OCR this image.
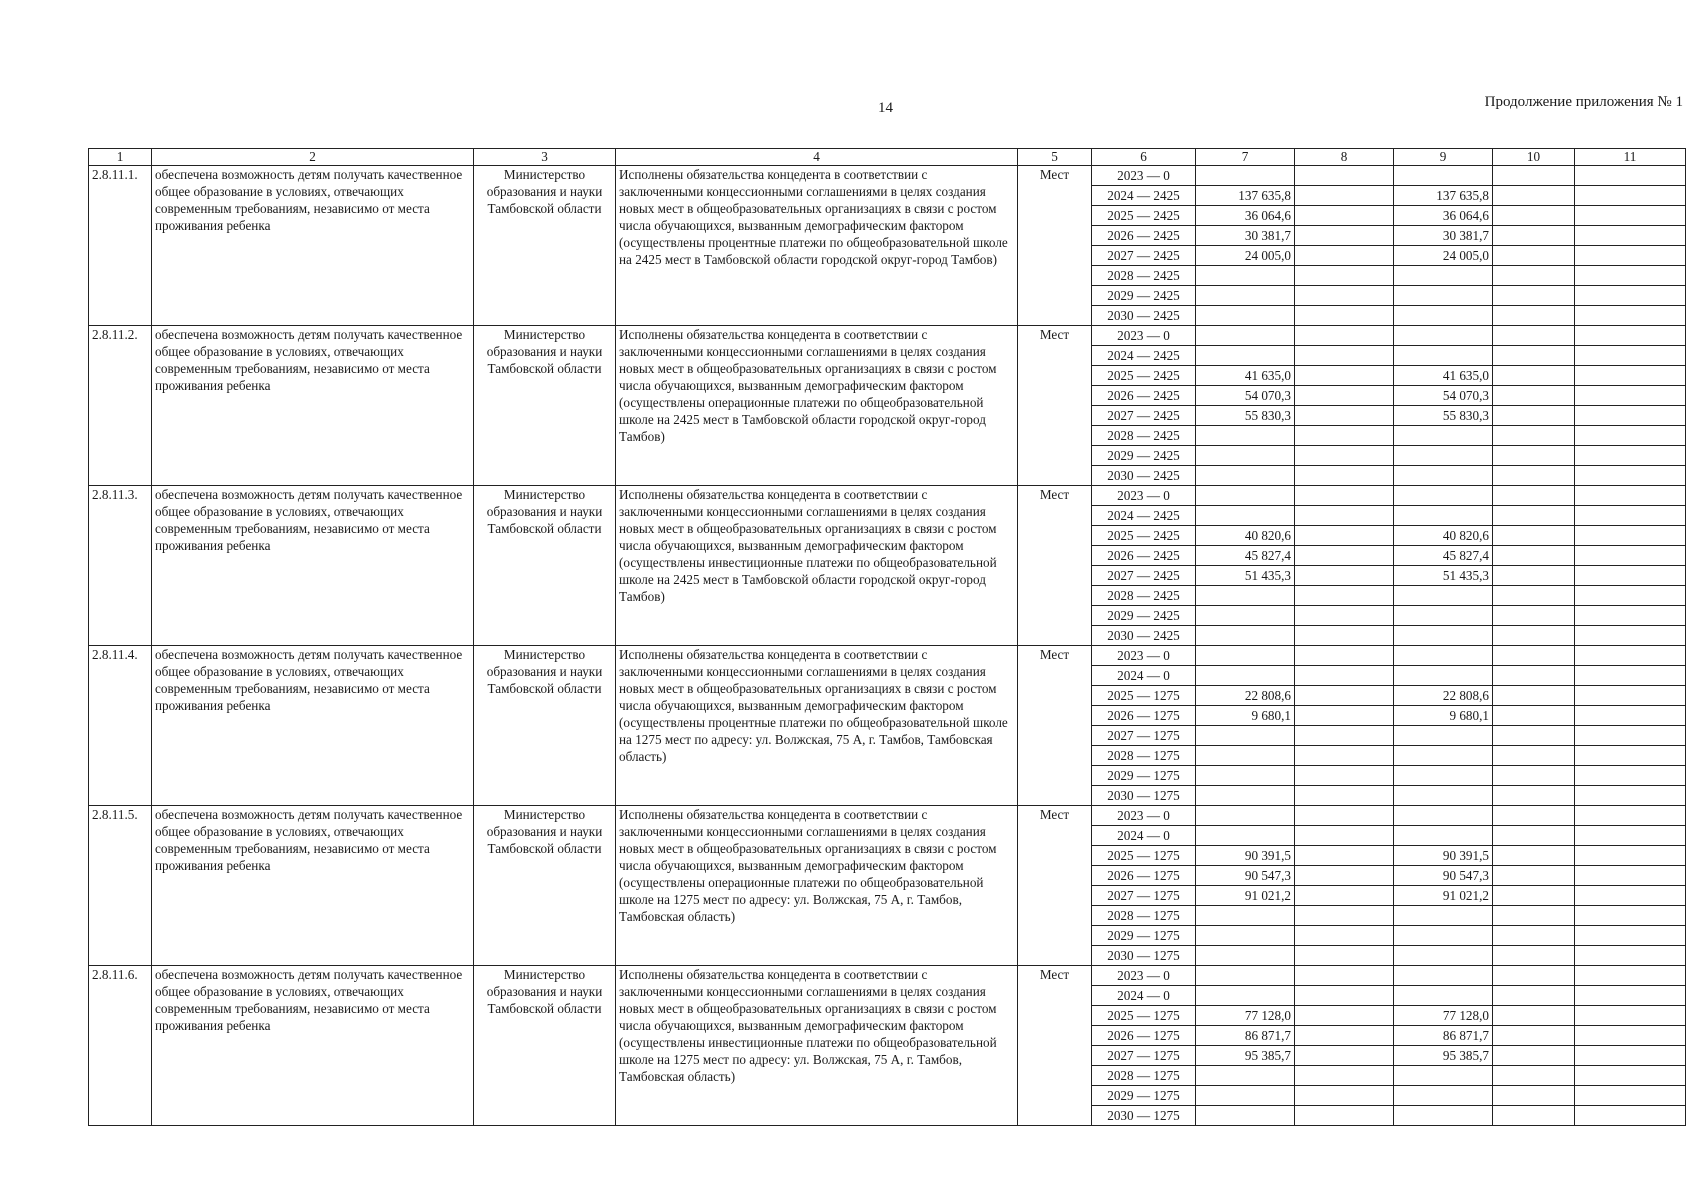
14	Продолжение приложения № 1
1	2	3	4	5	6	7	8	9	10	11
2.8.11.1.	обеспечена возможность детям получать качественное общее образование в условиях, отвечающих современным требованиям, независимо от места проживания ребенка	Министерство образования и науки Тамбовской области	Исполнены обязательства концедента в соответствии с заключенными концессионными соглашениями в целях создания новых мест в общеобразовательных организациях в связи с ростом числа обучающихся, вызванным демографическим фактором (осуществлены процентные платежи по общеобразовательной школе на 2425 мест в Тамбовской области городской округ-город Тамбов)	Мест	2023 — 0					
					2024 — 2425	137 635,8		137 635,8		
					2025 — 2425	36 064,6		36 064,6		
					2026 — 2425	30 381,7		30 381,7		
					2027 — 2425	24 005,0		24 005,0		
					2028 — 2425					
					2029 — 2425					
					2030 — 2425					
2.8.11.2.	обеспечена возможность детям получать качественное общее образование в условиях, отвечающих современным требованиям, независимо от места проживания ребенка	Министерство образования и науки Тамбовской области	Исполнены обязательства концедента в соответствии с заключенными концессионными соглашениями в целях создания новых мест в общеобразовательных организациях в связи с ростом числа обучающихся, вызванным демографическим фактором (осуществлены операционные платежи по общеобразовательной школе на 2425 мест в Тамбовской области городской округ-город Тамбов)	Мест	2023 — 0					
					2024 — 2425					
					2025 — 2425	41 635,0		41 635,0		
					2026 — 2425	54 070,3		54 070,3		
					2027 — 2425	55 830,3		55 830,3		
					2028 — 2425					
					2029 — 2425					
					2030 — 2425					
2.8.11.3.	обеспечена возможность детям получать качественное общее образование в условиях, отвечающих современным требованиям, независимо от места проживания ребенка	Министерство образования и науки Тамбовской области	Исполнены обязательства концедента в соответствии с заключенными концессионными соглашениями в целях создания новых мест в общеобразовательных организациях в связи с ростом числа обучающихся, вызванным демографическим фактором (осуществлены инвестиционные платежи по общеобразовательной школе на 2425 мест в Тамбовской области городской округ-город Тамбов)	Мест	2023 — 0					
					2024 — 2425					
					2025 — 2425	40 820,6		40 820,6		
					2026 — 2425	45 827,4		45 827,4		
					2027 — 2425	51 435,3		51 435,3		
					2028 — 2425					
					2029 — 2425					
					2030 — 2425					
2.8.11.4.	обеспечена возможность детям получать качественное общее образование в условиях, отвечающих современным требованиям, независимо от места проживания ребенка	Министерство образования и науки Тамбовской области	Исполнены обязательства концедента в соответствии с заключенными концессионными соглашениями в целях создания новых мест в общеобразовательных организациях в связи с ростом числа обучающихся, вызванным демографическим фактором (осуществлены процентные платежи по общеобразовательной школе на 1275 мест по адресу: ул. Волжская, 75 А, г. Тамбов, Тамбовская область)	Мест	2023 — 0					
					2024 — 0					
					2025 — 1275	22 808,6		22 808,6		
					2026 — 1275	9 680,1		9 680,1		
					2027 — 1275					
					2028 — 1275					
					2029 — 1275					
					2030 — 1275					
2.8.11.5.	обеспечена возможность детям получать качественное общее образование в условиях, отвечающих современным требованиям, независимо от места проживания ребенка	Министерство образования и науки Тамбовской области	Исполнены обязательства концедента в соответствии с заключенными концессионными соглашениями в целях создания новых мест в общеобразовательных организациях в связи с ростом числа обучающихся, вызванным демографическим фактором (осуществлены операционные платежи по общеобразовательной школе на 1275 мест по адресу: ул. Волжская, 75 А, г. Тамбов, Тамбовская область)	Мест	2023 — 0					
					2024 — 0					
					2025 — 1275	90 391,5		90 391,5		
					2026 — 1275	90 547,3		90 547,3		
					2027 — 1275	91 021,2		91 021,2		
					2028 — 1275					
					2029 — 1275					
					2030 — 1275					
2.8.11.6.	обеспечена возможность детям получать качественное общее образование в условиях, отвечающих современным требованиям, независимо от места проживания ребенка	Министерство образования и науки Тамбовской области	Исполнены обязательства концедента в соответствии с заключенными концессионными соглашениями в целях создания новых мест в общеобразовательных организациях в связи с ростом числа обучающихся, вызванным демографическим фактором (осуществлены инвестиционные платежи по общеобразовательной школе на 1275 мест по адресу: ул. Волжская, 75 А, г. Тамбов, Тамбовская область)	Мест	2023 — 0					
					2024 — 0					
					2025 — 1275	77 128,0		77 128,0		
					2026 — 1275	86 871,7		86 871,7		
					2027 — 1275	95 385,7		95 385,7		
					2028 — 1275					
					2029 — 1275					
					2030 — 1275					
